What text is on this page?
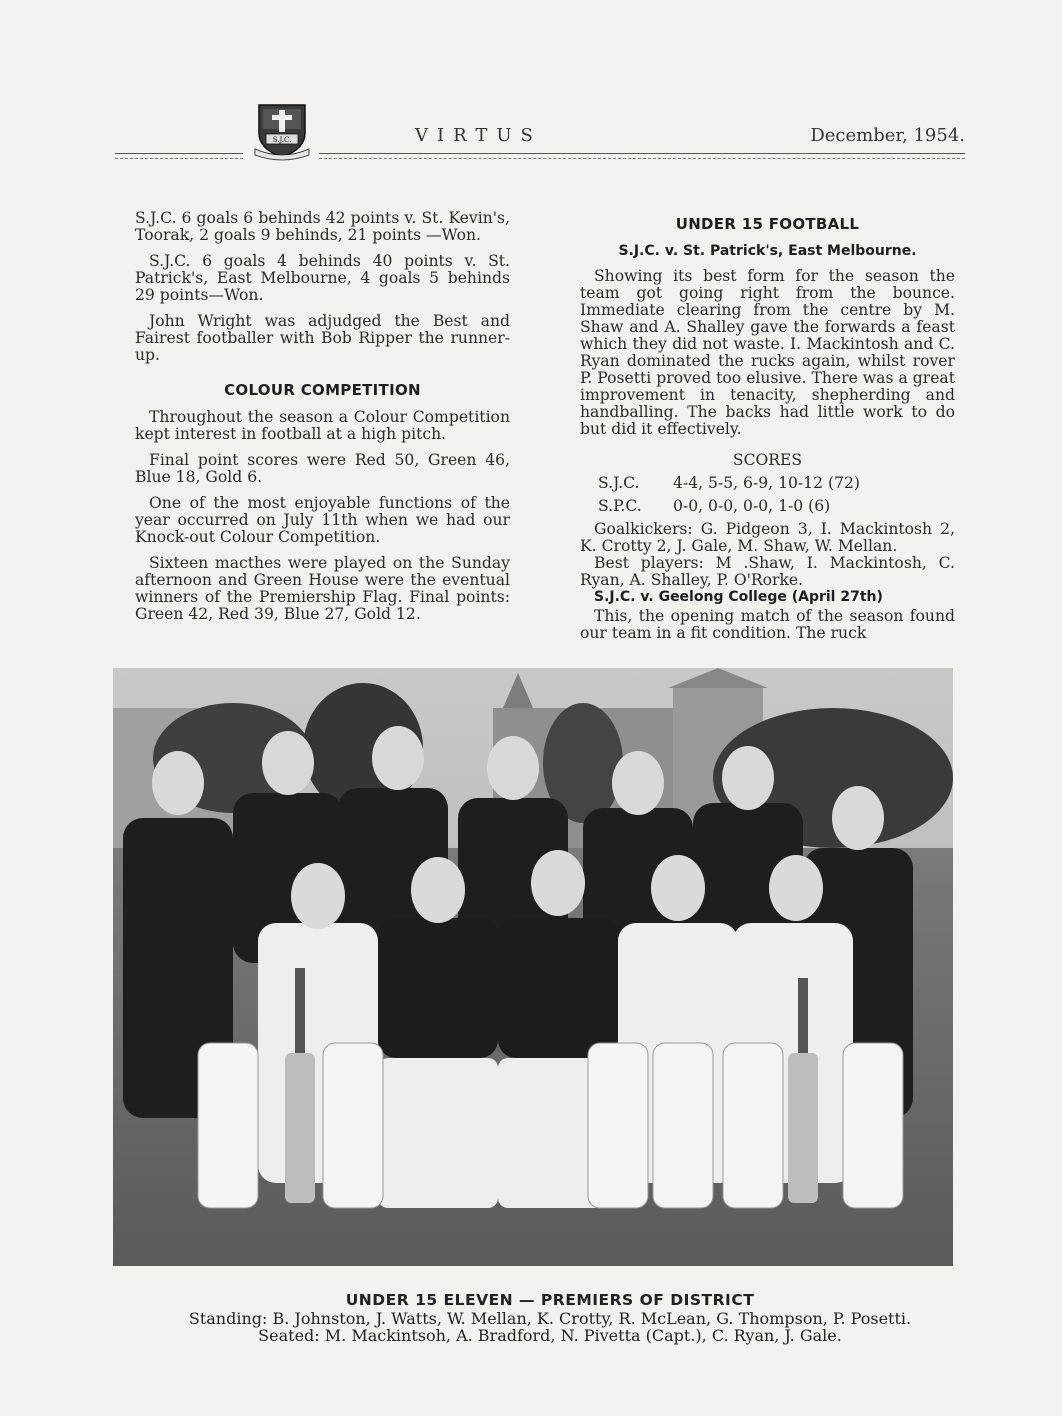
S.J.C.	VIRTUS	December, 1954.

S.J.C. 6 goals 6 behinds 42 points v. St. Kevin's, Toorak, 2 goals 9 behinds, 21 points —Won.

S.J.C. 6 goals 4 behinds 40 points v. St. Patrick's, East Melbourne, 4 goals 5 behinds 29 points—Won.

John Wright was adjudged the Best and Fairest footballer with Bob Ripper the runner-up.

COLOUR COMPETITION

Throughout the season a Colour Competition kept interest in football at a high pitch.

Final point scores were Red 50, Green 46, Blue 18, Gold 6.

One of the most enjoyable functions of the year occurred on July 11th when we had our Knock-out Colour Competition.

Sixteen macthes were played on the Sunday afternoon and Green House were the eventual winners of the Premiership Flag. Final points: Green 42, Red 39, Blue 27, Gold 12.

UNDER 15 FOOTBALL
S.J.C. v. St. Patrick's, East Melbourne.

Showing its best form for the season the team got going right from the bounce. Immediate clearing from the centre by M. Shaw and A. Shalley gave the forwards a feast which they did not waste. I. Mackintosh and C. Ryan dominated the rucks again, whilst rover P. Posetti proved too elusive. There was a great improvement in tenacity, shepherding and handballing. The backs had little work to do but did it effectively.

SCORES
S.J.C.	4-4, 5-5, 6-9, 10-12 (72)
S.P.C.	0-0, 0-0, 0-0, 1-0 (6)

Goalkickers: G. Pidgeon 3, I. Mackintosh 2, K. Crotty 2, J. Gale, M. Shaw, W. Mellan.

Best players: M .Shaw, I. Mackintosh, C. Ryan, A. Shalley, P. O'Rorke.

S.J.C. v. Geelong College (April 27th)

This, the opening match of the season found our team in a fit condition. The ruck

UNDER 15 ELEVEN — PREMIERS OF DISTRICT
Standing: B. Johnston, J. Watts, W. Mellan, K. Crotty, R. McLean, G. Thompson, P. Posetti.
Seated: M. Mackintsoh, A. Bradford, N. Pivetta (Capt.), C. Ryan, J. Gale.
